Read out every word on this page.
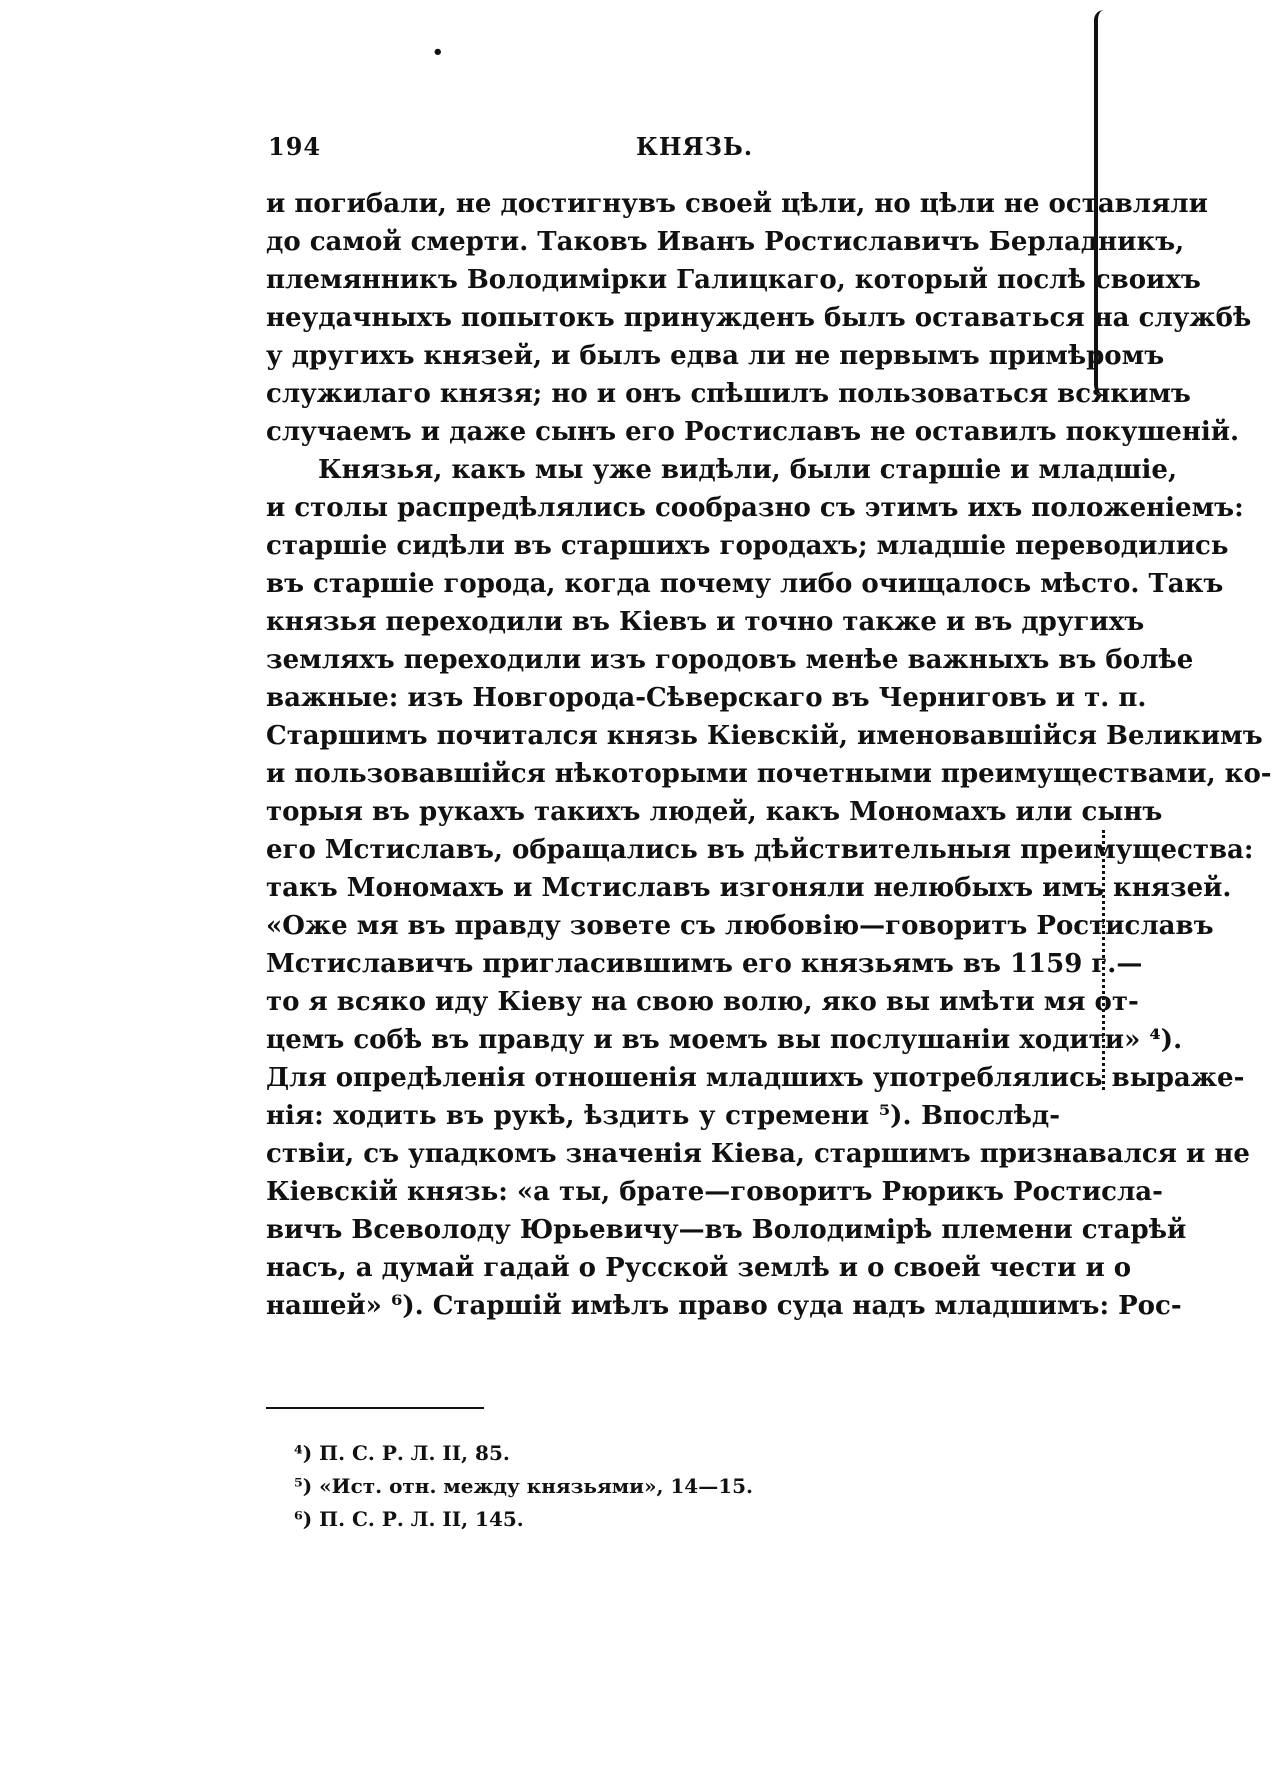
•
194	КНЯЗЬ.
и погибали, не достигнувъ своей цѣли, но цѣли не оставляли
до самой смерти. Таковъ Иванъ Ростиславичъ Берладникъ,
племянникъ Володимірки Галицкаго, который послѣ своихъ
неудачныхъ попытокъ принужденъ былъ оставаться на службѣ
у другихъ князей, и былъ едва ли не первымъ примѣромъ
служилаго князя; но и онъ спѣшилъ пользоваться всякимъ
случаемъ и даже сынъ его Ростиславъ не оставилъ покушеній.
Князья, какъ мы уже видѣли, были старшіе и младшіе,
и столы распредѣлялись сообразно съ этимъ ихъ положеніемъ:
старшіе сидѣли въ старшихъ городахъ; младшіе переводились
въ старшіе города, когда почему либо очищалось мѣсто. Такъ
князья переходили въ Кіевъ и точно также и въ другихъ
земляхъ переходили изъ городовъ менѣе важныхъ въ болѣе
важные: изъ Новгорода-Сѣверскаго въ Черниговъ и т. п.
Старшимъ почитался князь Кіевскій, именовавшійся Великимъ
и пользовавшійся нѣкоторыми почетными преимуществами, ко-
торыя въ рукахъ такихъ людей, какъ Мономахъ или сынъ
его Мстиславъ, обращались въ дѣйствительныя преимущества:
такъ Мономахъ и Мстиславъ изгоняли нелюбыхъ имъ князей.
«Оже мя въ правду зовете съ любовію—говоритъ Ростиславъ
Мстиславичъ пригласившимъ его князьямъ въ 1159 г.—
то я всяко иду Кіеву на свою волю, яко вы имѣти мя от-
цемъ собѣ въ правду и въ моемъ вы послушаніи ходити» ⁴).
Для опредѣленія отношенія младшихъ употреблялись выраже-
нія: ходить въ рукѣ, ѣздить у стремени ⁵). Впослѣд-
ствіи, съ упадкомъ значенія Кіева, старшимъ признавался и не
Кіевскій князь: «а ты, брате—говоритъ Рюрикъ Ростисла-
вичъ Всеволоду Юрьевичу—въ Володимірѣ племени старѣй
насъ, а думай гадай о Русской землѣ и о своей чести и о
нашей» ⁶). Старшій имѣлъ право суда надъ младшимъ: Рос-
⁴) П. С. Р. Л. II, 85.
⁵) «Ист. отн. между князьями», 14—15.
⁶) П. С. Р. Л. II, 145.
